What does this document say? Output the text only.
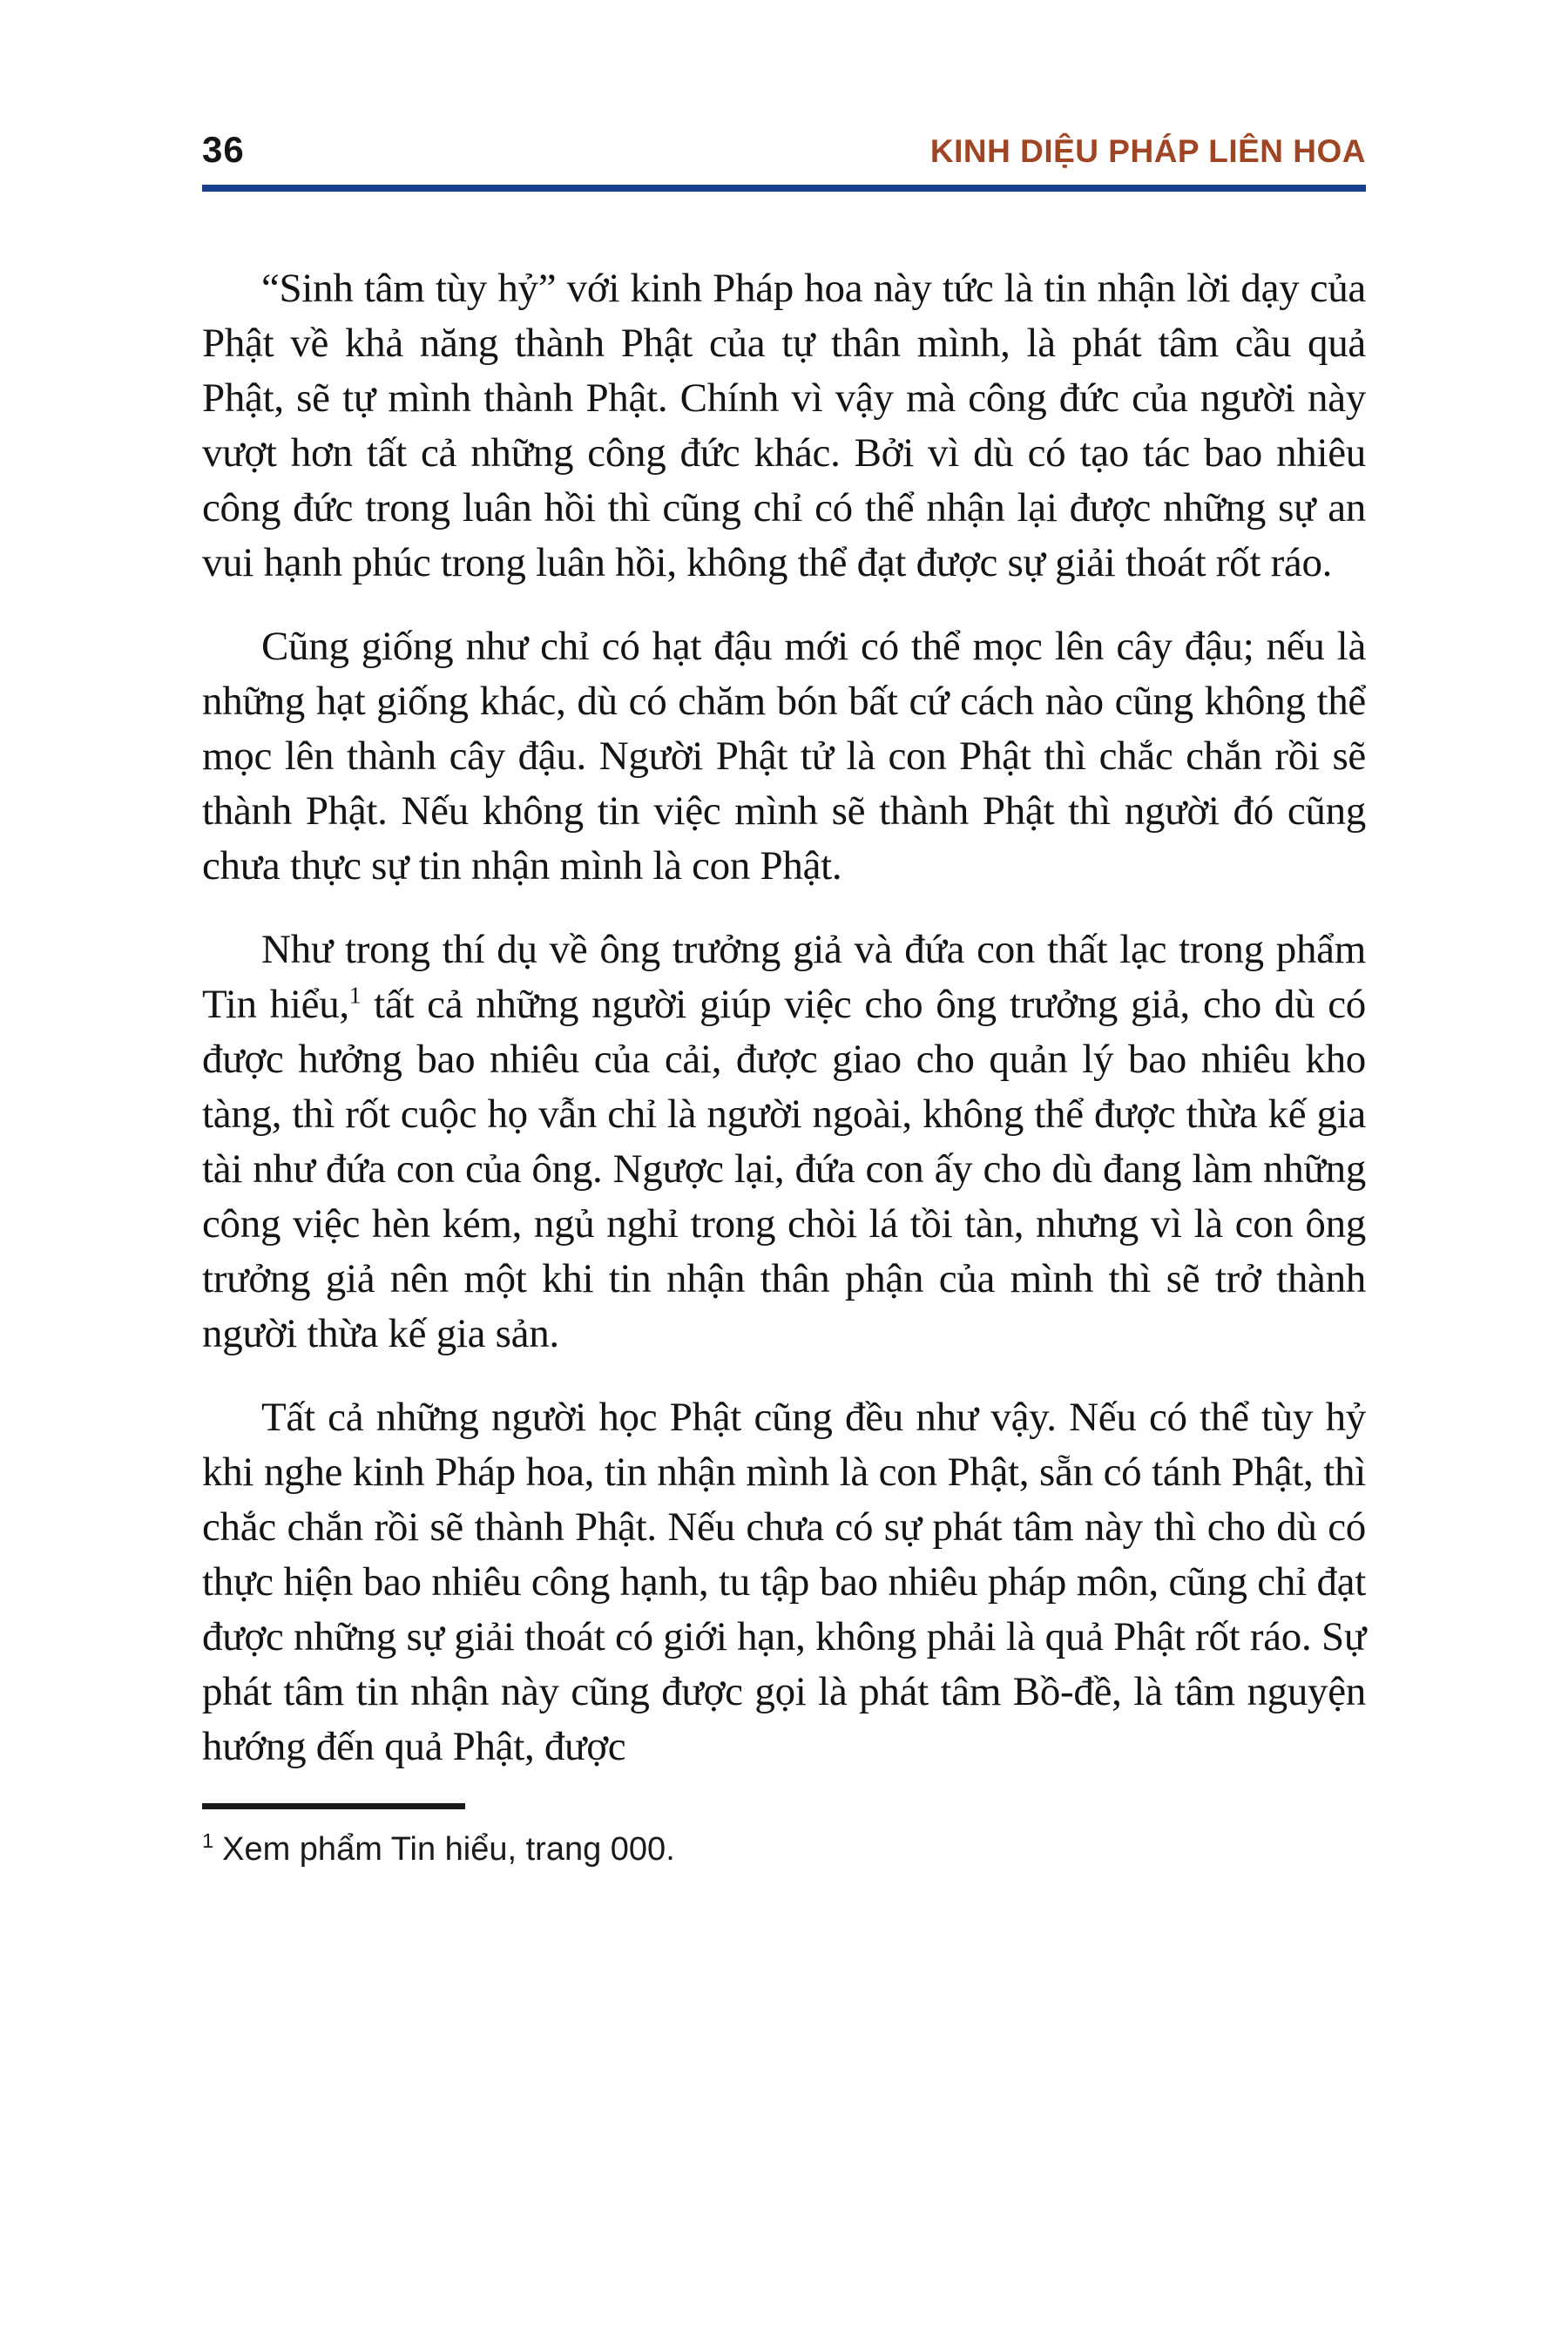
36	KINH DIỆU PHÁP LIÊN HOA

“Sinh tâm tùy hỷ” với kinh Pháp hoa này tức là tin nhận lời dạy của Phật về khả năng thành Phật của tự thân mình, là phát tâm cầu quả Phật, sẽ tự mình thành Phật. Chính vì vậy mà công đức của người này vượt hơn tất cả những công đức khác. Bởi vì dù có tạo tác bao nhiêu công đức trong luân hồi thì cũng chỉ có thể nhận lại được những sự an vui hạnh phúc trong luân hồi, không thể đạt được sự giải thoát rốt ráo.

Cũng giống như chỉ có hạt đậu mới có thể mọc lên cây đậu; nếu là những hạt giống khác, dù có chăm bón bất cứ cách nào cũng không thể mọc lên thành cây đậu. Người Phật tử là con Phật thì chắc chắn rồi sẽ thành Phật. Nếu không tin việc mình sẽ thành Phật thì người đó cũng chưa thực sự tin nhận mình là con Phật.

Như trong thí dụ về ông trưởng giả và đứa con thất lạc trong phẩm Tin hiểu,$^1$ tất cả những người giúp việc cho ông trưởng giả, cho dù có được hưởng bao nhiêu của cải, được giao cho quản lý bao nhiêu kho tàng, thì rốt cuộc họ vẫn chỉ là người ngoài, không thể được thừa kế gia tài như đứa con của ông. Ngược lại, đứa con ấy cho dù đang làm những công việc hèn kém, ngủ nghỉ trong chòi lá tồi tàn, nhưng vì là con ông trưởng giả nên một khi tin nhận thân phận của mình thì sẽ trở thành người thừa kế gia sản.

Tất cả những người học Phật cũng đều như vậy. Nếu có thể tùy hỷ khi nghe kinh Pháp hoa, tin nhận mình là con Phật, sẵn có tánh Phật, thì chắc chắn rồi sẽ thành Phật. Nếu chưa có sự phát tâm này thì cho dù có thực hiện bao nhiêu công hạnh, tu tập bao nhiêu pháp môn, cũng chỉ đạt được những sự giải thoát có giới hạn, không phải là quả Phật rốt ráo. Sự phát tâm tin nhận này cũng được gọi là phát tâm Bồ-đề, là tâm nguyện hướng đến quả Phật, được

$^1$ Xem phẩm Tin hiểu, trang 000.
